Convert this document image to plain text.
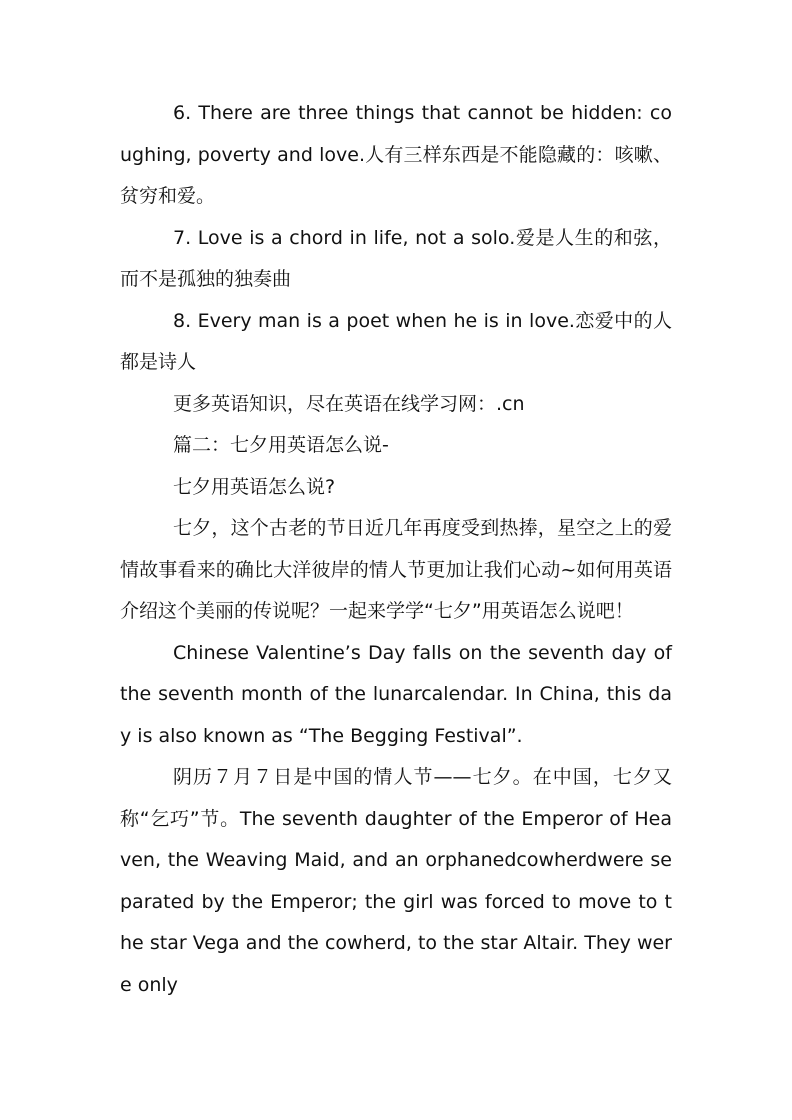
6. There are three things that cannot be hidden: coughing, poverty and love.人有三样东西是不能隐藏的：咳嗽、贫穷和爱。

7. Love is a chord in life, not a solo.爱是人生的和弦，而不是孤独的独奏曲

8. Every man is a poet when he is in love.恋爱中的人都是诗人

更多英语知识，尽在英语在线学习网：.cn

篇二：七夕用英语怎么说-

七夕用英语怎么说?

七夕，这个古老的节日近几年再度受到热捧，星空之上的爱情故事看来的确比大洋彼岸的情人节更加让我们心动~如何用英语介绍这个美丽的传说呢？一起来学学“七夕”用英语怎么说吧！

Chinese Valentine’s Day falls on the seventh day of the seventh month of the lunarcalendar. In China, this day is also known as “The Begging Festival”.

阴历７月７日是中国的情人节——七夕。在中国，七夕又称“乞巧”节。The seventh daughter of the Emperor of Heaven, the Weaving Maid, and an orphanedcowherdwere separated by the Emperor; the girl was forced to move to the star Vega and the cowherd, to the star Altair. They were only
